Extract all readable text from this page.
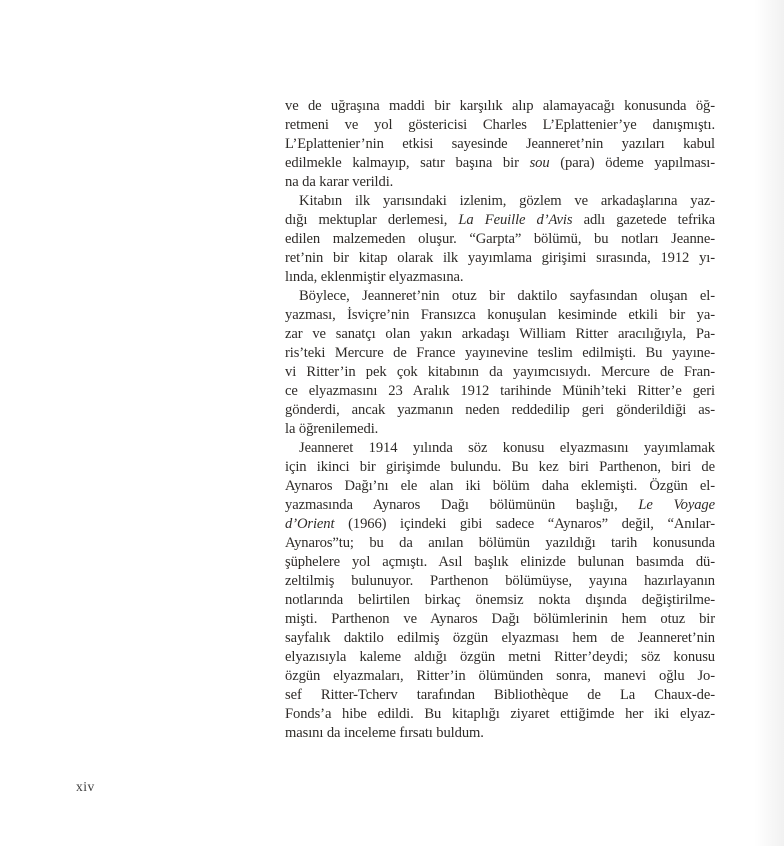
ve de uğraşına maddi bir karşılık alıp alamayacağı konusunda öğ-
retmeni ve yol göstericisi Charles L’Eplattenier’ye danışmıştı.
L’Eplattenier’nin etkisi sayesinde Jeanneret’nin yazıları kabul
edilmekle kalmayıp, satır başına bir sou (para) ödeme yapılması-
na da karar verildi.
Kitabın ilk yarısındaki izlenim, gözlem ve arkadaşlarına yaz-
dığı mektuplar derlemesi, La Feuille d’Avis adlı gazetede tefrika
edilen malzemeden oluşur. “Garpta” bölümü, bu notları Jeanne-
ret’nin bir kitap olarak ilk yayımlama girişimi sırasında, 1912 yı-
lında, eklenmiştir elyazmasına.
Böylece, Jeanneret’nin otuz bir daktilo sayfasından oluşan el-
yazması, İsviçre’nin Fransızca konuşulan kesiminde etkili bir ya-
zar ve sanatçı olan yakın arkadaşı William Ritter aracılığıyla, Pa-
ris’teki Mercure de France yayınevine teslim edilmişti. Bu yayıne-
vi Ritter’in pek çok kitabının da yayımcısıydı. Mercure de Fran-
ce elyazmasını 23 Aralık 1912 tarihinde Münih’teki Ritter’e geri
gönderdi, ancak yazmanın neden reddedilip geri gönderildiği as-
la öğrenilemedi.
Jeanneret 1914 yılında söz konusu elyazmasını yayımlamak
için ikinci bir girişimde bulundu. Bu kez biri Parthenon, biri de
Aynaros Dağı’nı ele alan iki bölüm daha eklemişti. Özgün el-
yazmasında Aynaros Dağı bölümünün başlığı, Le Voyage
d’Orient (1966) içindeki gibi sadece “Aynaros” değil, “Anılar-
Aynaros”tu; bu da anılan bölümün yazıldığı tarih konusunda
şüphelere yol açmıştı. Asıl başlık elinizde bulunan basımda dü-
zeltilmiş bulunuyor. Parthenon bölümüyse, yayına hazırlayanın
notlarında belirtilen birkaç önemsiz nokta dışında değiştirilme-
mişti. Parthenon ve Aynaros Dağı bölümlerinin hem otuz bir
sayfalık daktilo edilmiş özgün elyazması hem de Jeanneret’nin
elyazısıyla kaleme aldığı özgün metni Ritter’deydi; söz konusu
özgün elyazmaları, Ritter’in ölümünden sonra, manevi oğlu Jo-
sef Ritter-Tcherv tarafından Bibliothèque de La Chaux-de-
Fonds’a hibe edildi. Bu kitaplığı ziyaret ettiğimde her iki elyaz-
masını da inceleme fırsatı buldum.
xiv
